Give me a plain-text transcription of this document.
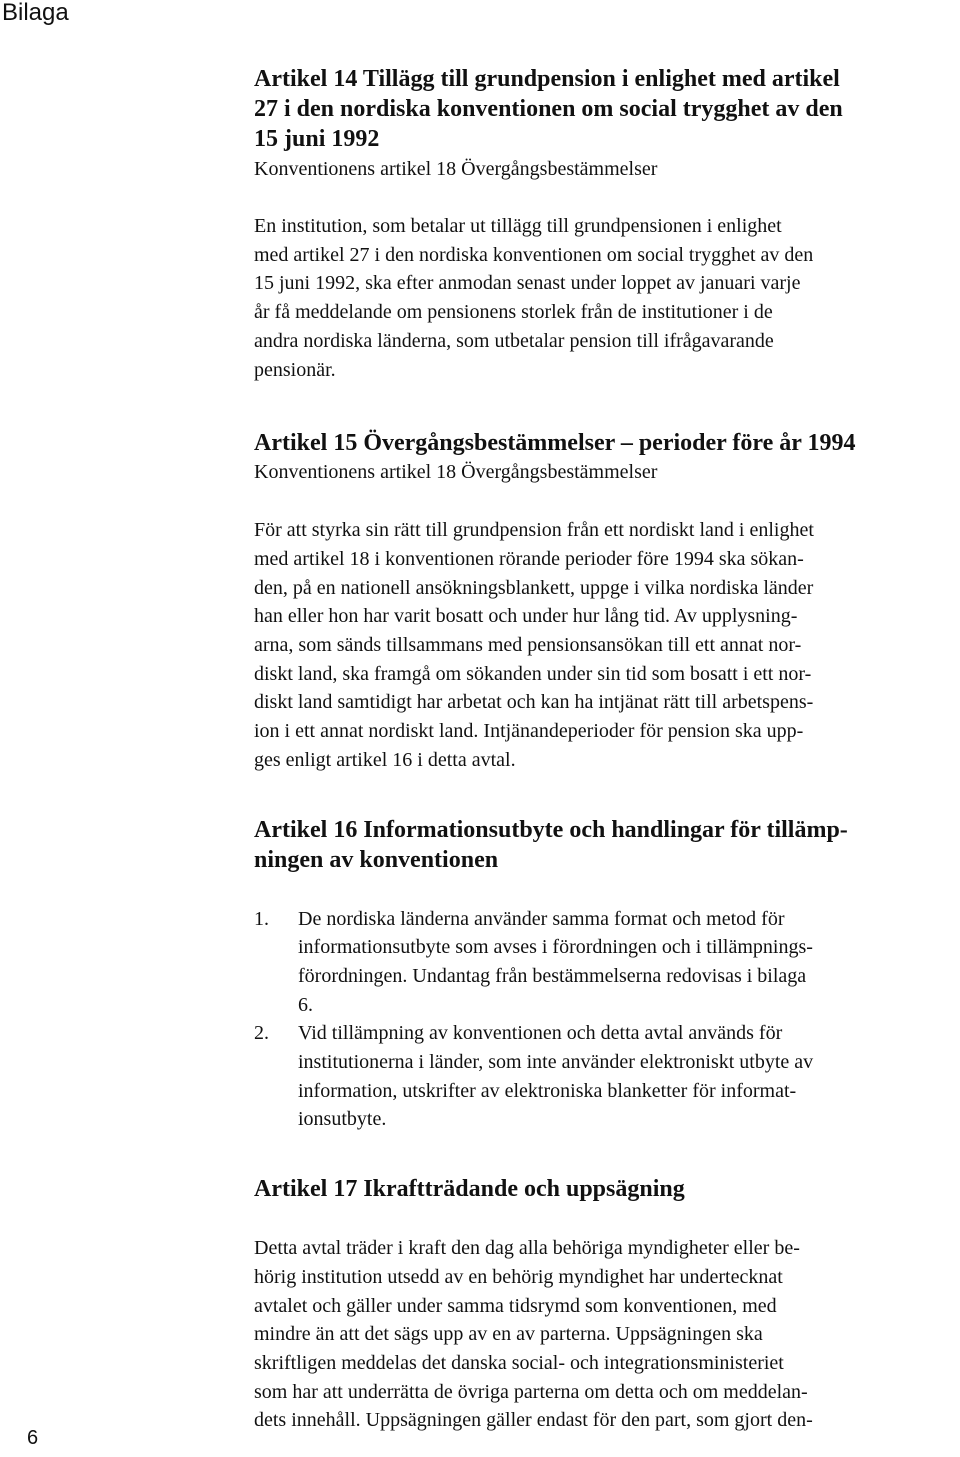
Bilaga
Artikel 14 Tillägg till grundpension i enlighet med artikel
27 i den nordiska konventionen om social trygghet av den
15 juni 1992
Konventionens artikel 18 Övergångsbestämmelser

En institution, som betalar ut tillägg till grundpensionen i enlighet
med artikel 27 i den nordiska konventionen om social trygghet av den
15 juni 1992, ska efter anmodan senast under loppet av januari varje
år få meddelande om pensionens storlek från de institutioner i de
andra nordiska länderna, som utbetalar pension till ifrågavarande
pensionär.

Artikel 15 Övergångsbestämmelser – perioder före år 1994
Konventionens artikel 18 Övergångsbestämmelser

För att styrka sin rätt till grundpension från ett nordiskt land i enlighet
med artikel 18 i konventionen rörande perioder före 1994 ska sökan-
den, på en nationell ansökningsblankett, uppge i vilka nordiska länder
han eller hon har varit bosatt och under hur lång tid. Av upplysning-
arna, som sänds tillsammans med pensionsansökan till ett annat nor-
diskt land, ska framgå om sökanden under sin tid som bosatt i ett nor-
diskt land samtidigt har arbetat och kan ha intjänat rätt till arbetspens-
ion i ett annat nordiskt land. Intjänandeperioder för pension ska upp-
ges enligt artikel 16 i detta avtal.

Artikel 16 Informationsutbyte och handlingar för tillämp-
ningen av konventionen
1. De nordiska länderna använder samma format och metod för
informationsutbyte som avses i förordningen och i tillämpnings-
förordningen. Undantag från bestämmelserna redovisas i bilaga
6.
2. Vid tillämpning av konventionen och detta avtal används för
institutionerna i länder, som inte använder elektroniskt utbyte av
information, utskrifter av elektroniska blanketter för informat-
ionsutbyte.
Artikel 17 Ikraftträdande och uppsägning

Detta avtal träder i kraft den dag alla behöriga myndigheter eller be-
hörig institution utsedd av en behörig myndighet har undertecknat
avtalet och gäller under samma tidsrymd som konventionen, med
mindre än att det sägs upp av en av parterna. Uppsägningen ska
skriftligen meddelas det danska social- och integrationsministeriet
som har att underrätta de övriga parterna om detta och om meddelan-
dets innehåll. Uppsägningen gäller endast för den part, som gjort den-

6
